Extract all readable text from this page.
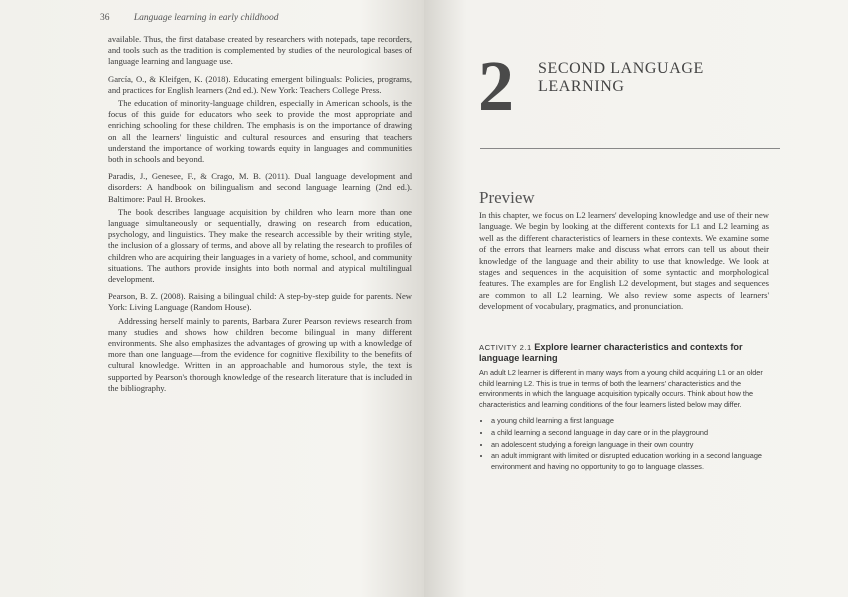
36	Language learning in early childhood

available. Thus, the first database created by researchers with notepads, tape recorders, and tools such as the tradition is complemented by studies of the neurological bases of language learning and language use.

García, O., & Kleifgen, K. (2018). Educating emergent bilinguals: Policies, programs, and practices for English learners (2nd ed.). New York: Teachers College Press.

The education of minority-language children, especially in American schools, is the focus of this guide for educators who seek to provide the most appropriate and enriching schooling for these children. The emphasis is on the importance of drawing on all the learners' linguistic and cultural resources and ensuring that teachers understand the importance of working towards equity in languages and communities both in schools and beyond.

Paradis, J., Genesee, F., & Crago, M. B. (2011). Dual language development and disorders: A handbook on bilingualism and second language learning (2nd ed.). Baltimore: Paul H. Brookes.

The book describes language acquisition by children who learn more than one language simultaneously or sequentially, drawing on research from education, psychology, and linguistics. They make the research accessible by their writing style, the inclusion of a glossary of terms, and above all by relating the research to profiles of children who are acquiring their languages in a variety of home, school, and community situations. The authors provide insights into both normal and atypical multilingual development.

Pearson, B. Z. (2008). Raising a bilingual child: A step-by-step guide for parents. New York: Living Language (Random House).

Addressing herself mainly to parents, Barbara Zurer Pearson reviews research from many studies and shows how children become bilingual in many different environments. She also emphasizes the advantages of growing up with a knowledge of more than one language—from the evidence for cognitive flexibility to the benefits of cultural knowledge. Written in an approachable and humorous style, the text is supported by Pearson's thorough knowledge of the research literature that is included in the bibliography.

2 SECOND LANGUAGE
LEARNING
Preview
In this chapter, we focus on L2 learners' developing knowledge and use of their new language. We begin by looking at the different contexts for L1 and L2 learning as well as the different characteristics of learners in these contexts. We examine some of the errors that learners make and discuss what errors can tell us about their knowledge of the language and their ability to use that knowledge. We look at stages and sequences in the acquisition of some syntactic and morphological features. The examples are for English L2 development, but stages and sequences are common to all L2 learning. We also review some aspects of learners' development of vocabulary, pragmatics, and pronunciation.
ACTIVITY 2.1 Explore learner characteristics and contexts for language learning
An adult L2 learner is different in many ways from a young child acquiring L1 or an older child learning L2. This is true in terms of both the learners' characteristics and the environments in which the language acquisition typically occurs. Think about how the characteristics and learning conditions of the four learners listed below may differ.
• a young child learning a first language
• a child learning a second language in day care or in the playground
• an adolescent studying a foreign language in their own country
• an adult immigrant with limited or disrupted education working in a second language environment and having no opportunity to go to language classes.
